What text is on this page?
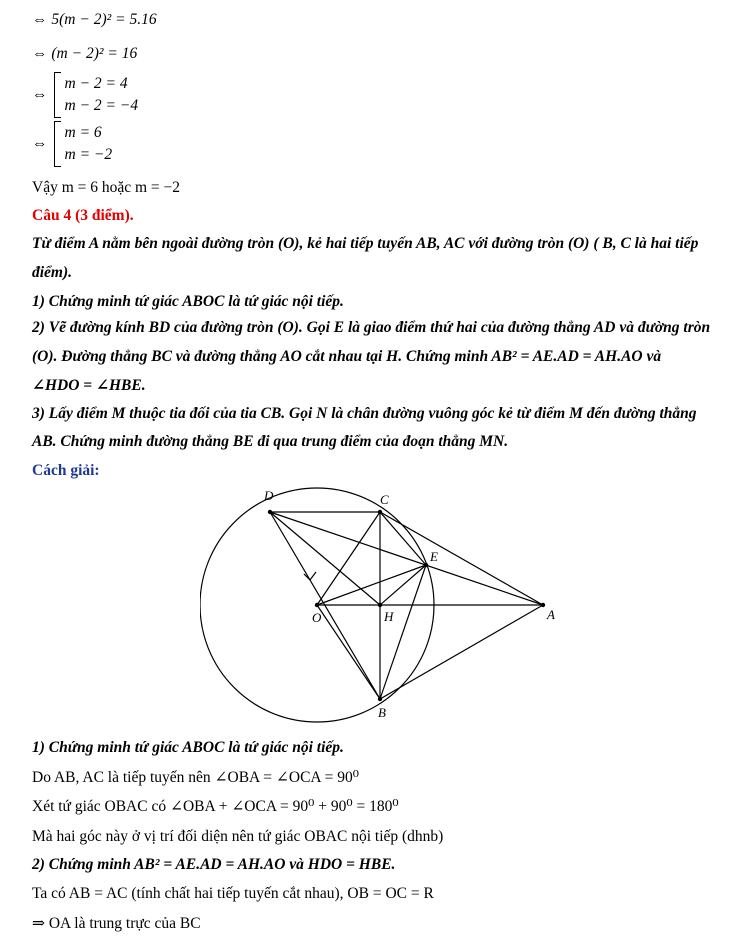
⇔ 5(m − 2)² = 5.16
⇔ (m − 2)² = 16
⇔
m − 2 = 4
m − 2 = −4
⇔
m = 6
m = −2
Vậy m = 6 hoặc m = −2
Câu 4 (3 điểm).
Từ điểm A nằm bên ngoài đường tròn (O), kẻ hai tiếp tuyến AB, AC với đường tròn (O) ( B, C là hai tiếp
điểm).
1) Chứng minh tứ giác ABOC là tứ giác nội tiếp.
2) Vẽ đường kính BD của đường tròn (O). Gọi E là giao điểm thứ hai của đường thẳng AD và đường tròn
(O). Đường thẳng BC và đường thẳng AO cắt nhau tại H. Chứng minh AB² = AE.AD = AH.AO và
∠HDO = ∠HBE.
3) Lấy điểm M thuộc tia đối của tia CB. Gọi N là chân đường vuông góc kẻ từ điểm M đến đường thẳng
AB. Chứng minh đường thẳng BE đi qua trung điểm của đoạn thẳng MN.
Cách giải:
D	C
E
O	H	A
B
1) Chứng minh tứ giác ABOC là tứ giác nội tiếp.
Do AB, AC là tiếp tuyến nên ∠OBA = ∠OCA = 90⁰
Xét tứ giác OBAC có ∠OBA + ∠OCA = 90⁰ + 90⁰ = 180⁰
Mà hai góc này ở vị trí đối diện nên tứ giác OBAC nội tiếp (dhnb)
2) Chứng minh AB² = AE.AD = AH.AO và HDO = HBE.
Ta có AB = AC (tính chất hai tiếp tuyến cắt nhau), OB = OC = R
⇒ OA là trung trực của BC
